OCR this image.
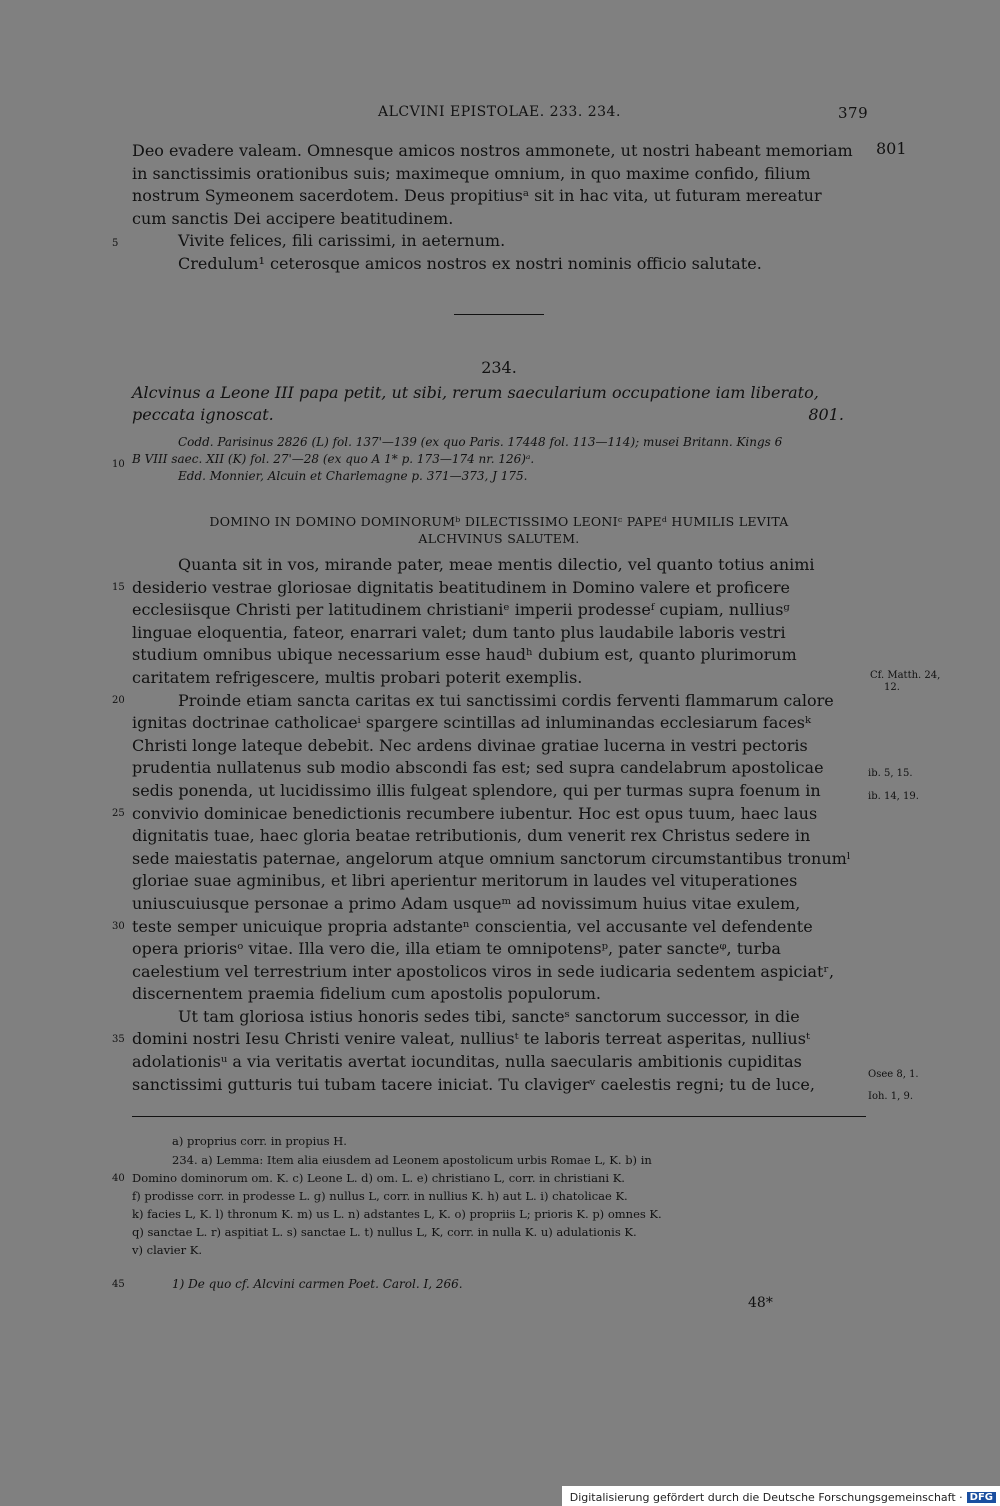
ALCVINI EPISTOLAE. 233. 234.	379

Deo evadere valeam. Omnesque amicos nostros ammonete, ut nostri habeant memoriam

in sanctissimis orationibus suis; maximeque omnium, in quo maxime confido, filium

nostrum Symeonem sacerdotem. Deus propitiusᵃ sit in hac vita, ut futuram mereatur

cum sanctis Dei accipere beatitudinem.

Vivite felices, fili carissimi, in aeternum.

Credulum¹ ceterosque amicos nostros ex nostri nominis officio salutate.

801
5
234.

Alcvinus a Leone III papa petit, ut sibi, rerum saecularium occupatione iam liberato,

peccata ignoscat.	801.

Codd. Parisinus 2826 (L) fol. 137'—139 (ex quo Paris. 17448 fol. 113—114); musei Britann. Kings 6

B VIII saec. XII (K) fol. 27'—28 (ex quo A 1* p. 173—174 nr. 126)ᵃ.

Edd. Monnier, Alcuin et Charlemagne p. 371—373, J 175.

10
DOMINO IN DOMINO DOMINORUMᵇ DILECTISSIMO LEONIᶜ PAPEᵈ HUMILIS LEVITA
ALCHVINUS SALUTEM.

Quanta sit in vos, mirande pater, meae mentis dilectio, vel quanto totius animi

desiderio vestrae gloriosae dignitatis beatitudinem in Domino valere et proficere

ecclesiisque Christi per latitudinem christianiᵉ imperii prodesseᶠ cupiam, nulliusᵍ

linguae eloquentia, fateor, enarrari valet; dum tanto plus laudabile laboris vestri

studium omnibus ubique necessarium esse haudʰ dubium est, quanto plurimorum

caritatem refrigescere, multis probari poterit exemplis.

Proinde etiam sancta caritas ex tui sanctissimi cordis ferventi flammarum calore

ignitas doctrinae catholicaeⁱ spargere scintillas ad inluminandas ecclesiarum facesᵏ

Christi longe lateque debebit. Nec ardens divinae gratiae lucerna in vestri pectoris

prudentia nullatenus sub modio abscondi fas est; sed supra candelabrum apostolicae

sedis ponenda, ut lucidissimo illis fulgeat splendore, qui per turmas supra foenum in

convivio dominicae benedictionis recumbere iubentur. Hoc est opus tuum, haec laus

dignitatis tuae, haec gloria beatae retributionis, dum venerit rex Christus sedere in

sede maiestatis paternae, angelorum atque omnium sanctorum circumstantibus tronumˡ

gloriae suae agminibus, et libri aperientur meritorum in laudes vel vituperationes

uniuscuiusque personae a primo Adam usqueᵐ ad novissimum huius vitae exulem,

teste semper unicuique propria adstanteⁿ conscientia, vel accusante vel defendente

opera priorisᵒ vitae. Illa vero die, illa etiam te omnipotensᵖ, pater sancteᵠ, turba

caelestium vel terrestrium inter apostolicos viros in sede iudicaria sedentem aspiciatʳ,

discernentem praemia fidelium cum apostolis populorum.

Ut tam gloriosa istius honoris sedes tibi, sancteˢ sanctorum successor, in die

domini nostri Iesu Christi venire valeat, nulliusᵗ te laboris terreat asperitas, nulliusᵗ

adolationisᵘ a via veritatis avertat iocunditas, nulla saecularis ambitionis cupiditas

sanctissimi gutturis tui tubam tacere iniciat. Tu clavigerᵛ caelestis regni; tu de luce,

15
20
25
30
35
Cf. Matth. 24,
12.
ib. 5, 15.
ib. 14, 19.
Osee 8, 1.
Ioh. 1, 9.
a) proprius corr. in propius H.
234. a) Lemma: Item alia eiusdem ad Leonem apostolicum urbis Romae L, K. b) in
Domino dominorum om. K. c) Leone L. d) om. L. e) christiano L, corr. in christiani K.
f) prodisse corr. in prodesse L. g) nullus L, corr. in nullius K. h) aut L. i) chatolicae K.
k) facies L, K. l) thronum K. m) us L. n) adstantes L, K. o) propriis L; prioris K. p) omnes K.
q) sanctae L. r) aspitiat L. s) sanctae L. t) nullus L, K, corr. in nulla K. u) adulationis K.
v) clavier K.
40
1) De quo cf. Alcvini carmen Poet. Carol. I, 266.
45
48*
Digitalisierung gefördert durch die Deutsche Forschungsgemeinschaft · DFG
